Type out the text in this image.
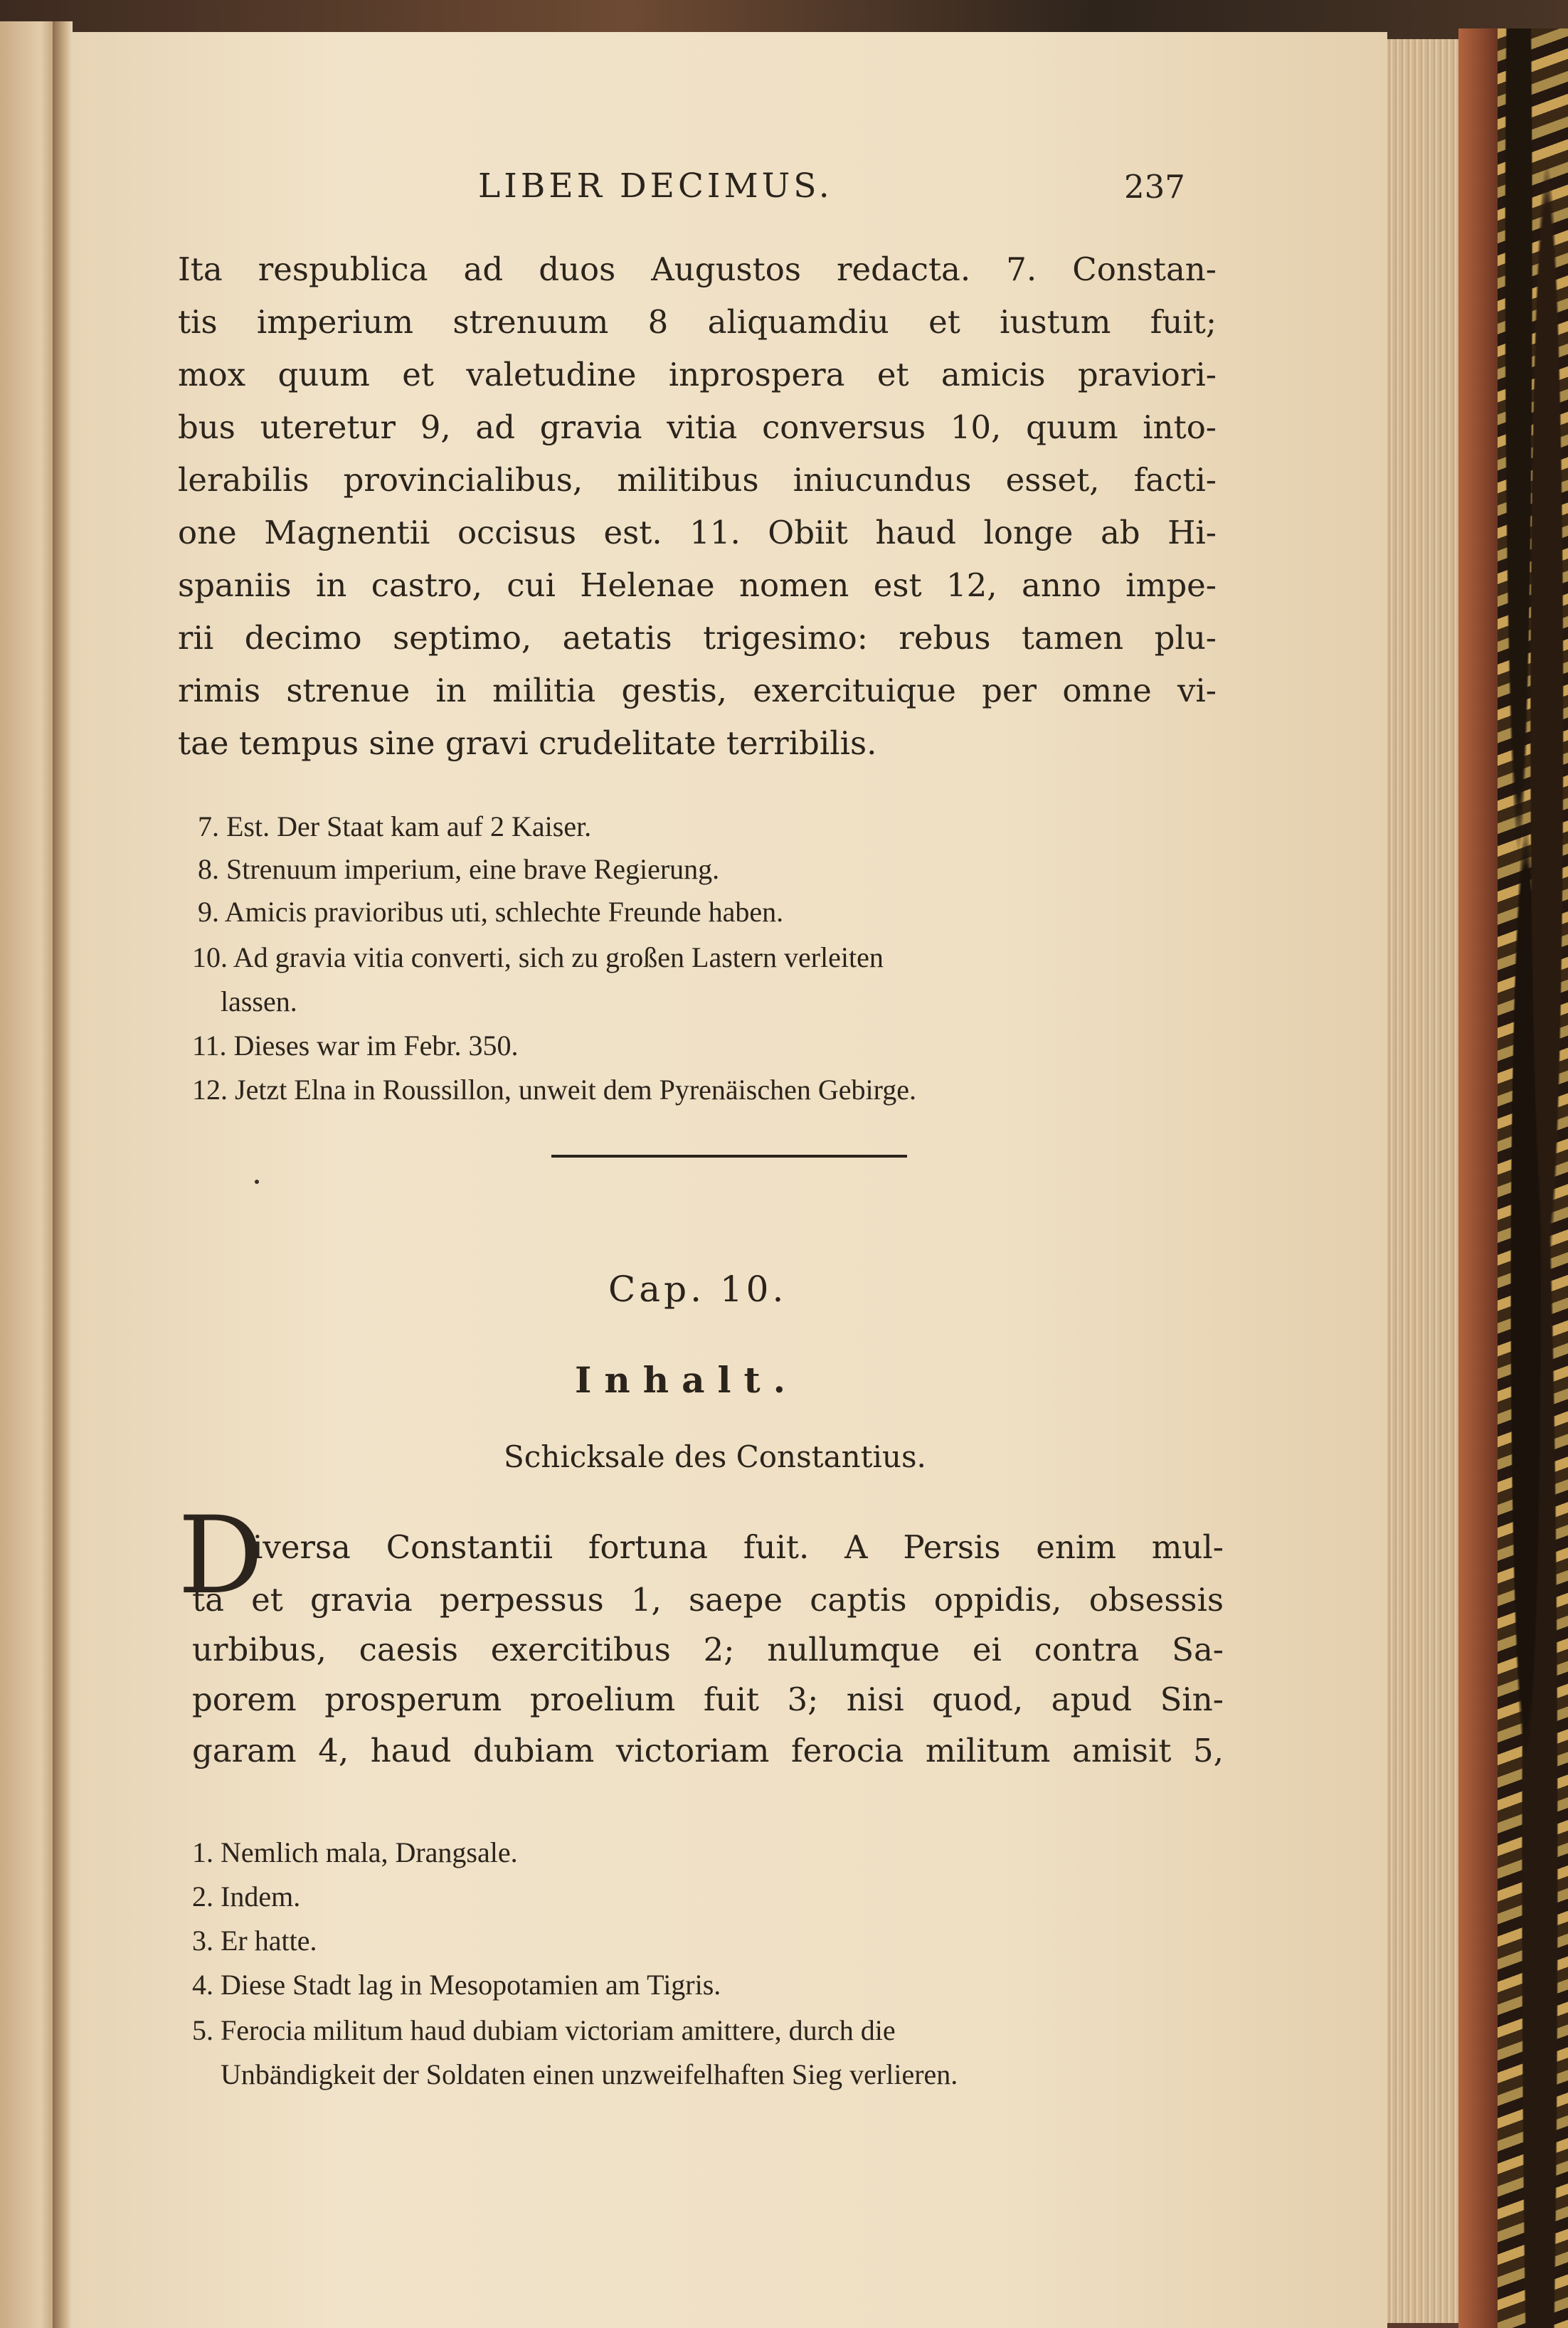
LIBER DECIMUS.	237
Ita respublica ad duos Augustos redacta. 7. Constan-
tis imperium strenuum 8 aliquamdiu et iustum fuit;
mox quum et valetudine inprospera et amicis praviori-
bus uteretur 9, ad gravia vitia conversus 10, quum into-
lerabilis provincialibus, militibus iniucundus esset, facti-
one Magnentii occisus est. 11. Obiit haud longe ab Hi-
spaniis in castro, cui Helenae nomen est 12, anno impe-
rii decimo septimo, aetatis trigesimo: rebus tamen plu-
rimis strenue in militia gestis, exercituique per omne vi-
tae tempus sine gravi crudelitate terribilis.
7. Est. Der Staat kam auf 2 Kaiser.
8. Strenuum imperium, eine brave Regierung.
9. Amicis pravioribus uti, schlechte Freunde haben.
10. Ad gravia vitia converti, sich zu großen Lastern verleiten
lassen.
11. Dieses war im Febr. 350.
12. Jetzt Elna in Roussillon, unweit dem Pyrenäischen Gebirge.
Cap. 10.
Inhalt.
Schicksale des Constantius.
D
iversa Constantii fortuna fuit. A Persis enim mul-
ta et gravia perpessus 1, saepe captis oppidis, obsessis
urbibus, caesis exercitibus 2; nullumque ei contra Sa-
porem prosperum proelium fuit 3; nisi quod, apud Sin-
garam 4, haud dubiam victoriam ferocia militum amisit 5,
1. Nemlich mala, Drangsale.
2. Indem.
3. Er hatte.
4. Diese Stadt lag in Mesopotamien am Tigris.
5. Ferocia militum haud dubiam victoriam amittere, durch die
Unbändigkeit der Soldaten einen unzweifelhaften Sieg verlieren.
